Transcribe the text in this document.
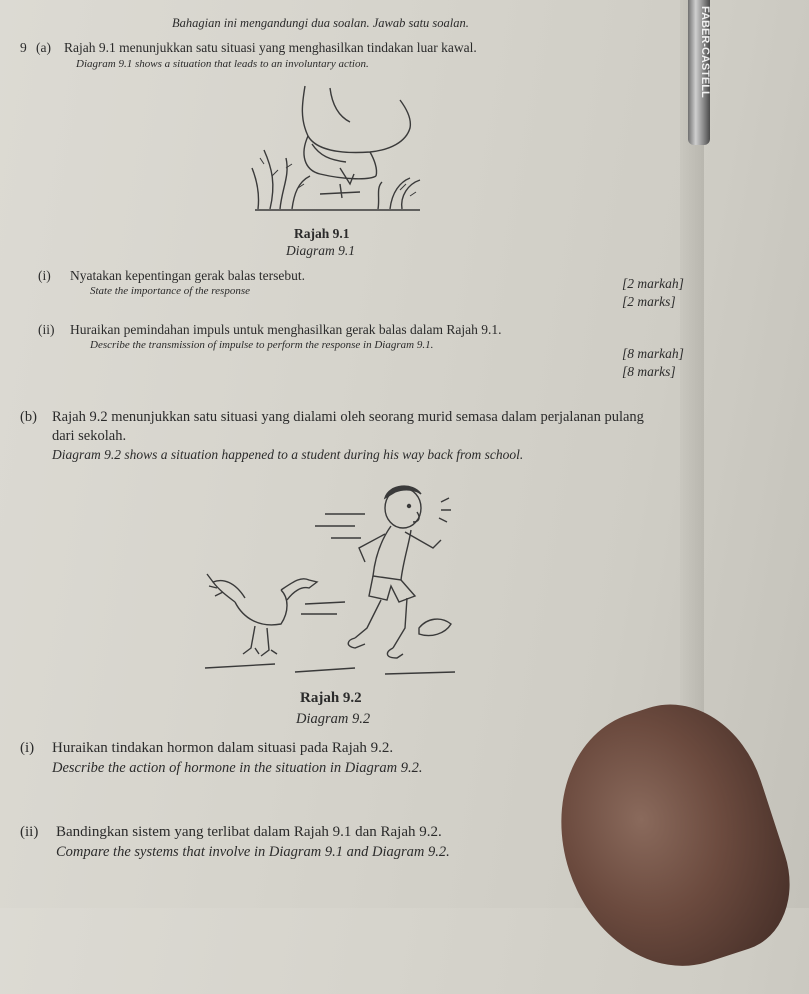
FABER-CASTELL
Bahagian ini mengandungi dua soalan. Jawab satu soalan.
9 (a) Rajah 9.1 menunjukkan satu situasi yang menghasilkan tindakan luar kawal.
Diagram 9.1 shows a situation that leads to an involuntary action.
Rajah 9.1
Diagram 9.1
(i) Nyatakan kepentingan gerak balas tersebut.
State the importance of the response	[2 markah]
[2 marks]
(ii) Huraikan pemindahan impuls untuk menghasilkan gerak balas dalam Rajah 9.1.
Describe the transmission of impulse to perform the response in Diagram 9.1.
[8 markah]
[8 marks]
(b) Rajah 9.2 menunjukkan satu situasi yang dialami oleh seorang murid semasa dalam perjalanan pulang
dari sekolah.
Diagram 9.2 shows a situation happened to a student during his way back from school.
Rajah 9.2
Diagram 9.2
(i) Huraikan tindakan hormon dalam situasi pada Rajah 9.2.
Describe the action of hormone in the situation in Diagram 9.2.
(ii) Bandingkan sistem yang terlibat dalam Rajah 9.1 dan Rajah 9.2.
Compare the systems that involve in Diagram 9.1 and Diagram 9.2.
